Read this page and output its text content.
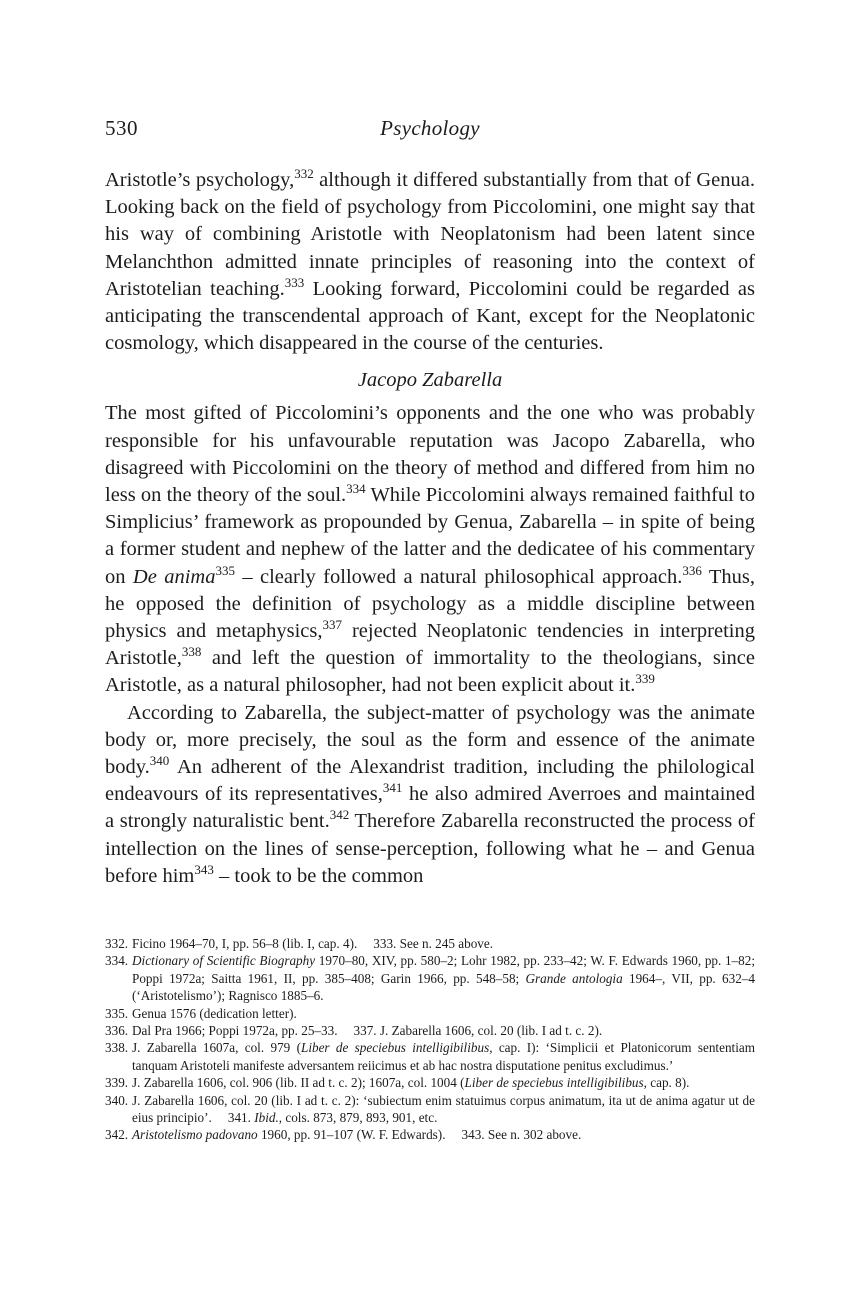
530	Psychology

Aristotle’s psychology,$^{332}$ although it differed substantially from that of Genua. Looking back on the field of psychology from Piccolomini, one might say that his way of combining Aristotle with Neoplatonism had been latent since Melanchthon admitted innate principles of reasoning into the context of Aristotelian teaching.$^{333}$ Looking forward, Piccolomini could be regarded as anticipating the transcendental approach of Kant, except for the Neoplatonic cosmology, which disappeared in the course of the centuries.

Jacopo Zabarella

The most gifted of Piccolomini’s opponents and the one who was probably responsible for his unfavourable reputation was Jacopo Zabarella, who disagreed with Piccolomini on the theory of method and differed from him no less on the theory of the soul.$^{334}$ While Piccolomini always remained faithful to Simplicius’ framework as propounded by Genua, Zabarella – in spite of being a former student and nephew of the latter and the dedicatee of his commentary on De anima$^{335}$ – clearly followed a natural philosophical approach.$^{336}$ Thus, he opposed the definition of psychology as a middle discipline between physics and metaphysics,$^{337}$ rejected Neoplatonic tendencies in interpreting Aristotle,$^{338}$ and left the question of immortality to the theologians, since Aristotle, as a natural philosopher, had not been explicit about it.$^{339}$

According to Zabarella, the subject-matter of psychology was the animate body or, more precisely, the soul as the form and essence of the animate body.$^{340}$ An adherent of the Alexandrist tradition, including the philological endeavours of its representatives,$^{341}$ he also admired Averroes and maintained a strongly naturalistic bent.$^{342}$ Therefore Zabarella reconstructed the process of intellection on the lines of sense-perception, following what he – and Genua before him$^{343}$ – took to be the common

332. Ficino 1964–70, I, pp. 56–8 (lib. I, cap. 4). 333. See n. 245 above.

334. Dictionary of Scientific Biography 1970–80, XIV, pp. 580–2; Lohr 1982, pp. 233–42; W. F. Edwards 1960, pp. 1–82; Poppi 1972a; Saitta 1961, II, pp. 385–408; Garin 1966, pp. 548–58; Grande antologia 1964–, VII, pp. 632–4 (‘Aristotelismo’); Ragnisco 1885–6.

335. Genua 1576 (dedication letter).

336. Dal Pra 1966; Poppi 1972a, pp. 25–33. 337. J. Zabarella 1606, col. 20 (lib. I ad t. c. 2).

338. J. Zabarella 1607a, col. 979 (Liber de speciebus intelligibilibus, cap. I): ‘Simplicii et Platonicorum sententiam tanquam Aristoteli manifeste adversantem reiicimus et ab hac nostra disputatione penitus excludimus.’

339. J. Zabarella 1606, col. 906 (lib. II ad t. c. 2); 1607a, col. 1004 (Liber de speciebus intelligibilibus, cap. 8).

340. J. Zabarella 1606, col. 20 (lib. I ad t. c. 2): ‘subiectum enim statuimus corpus animatum, ita ut de anima agatur ut de eius principio’. 341. Ibid., cols. 873, 879, 893, 901, etc.

342. Aristotelismo padovano 1960, pp. 91–107 (W. F. Edwards). 343. See n. 302 above.
